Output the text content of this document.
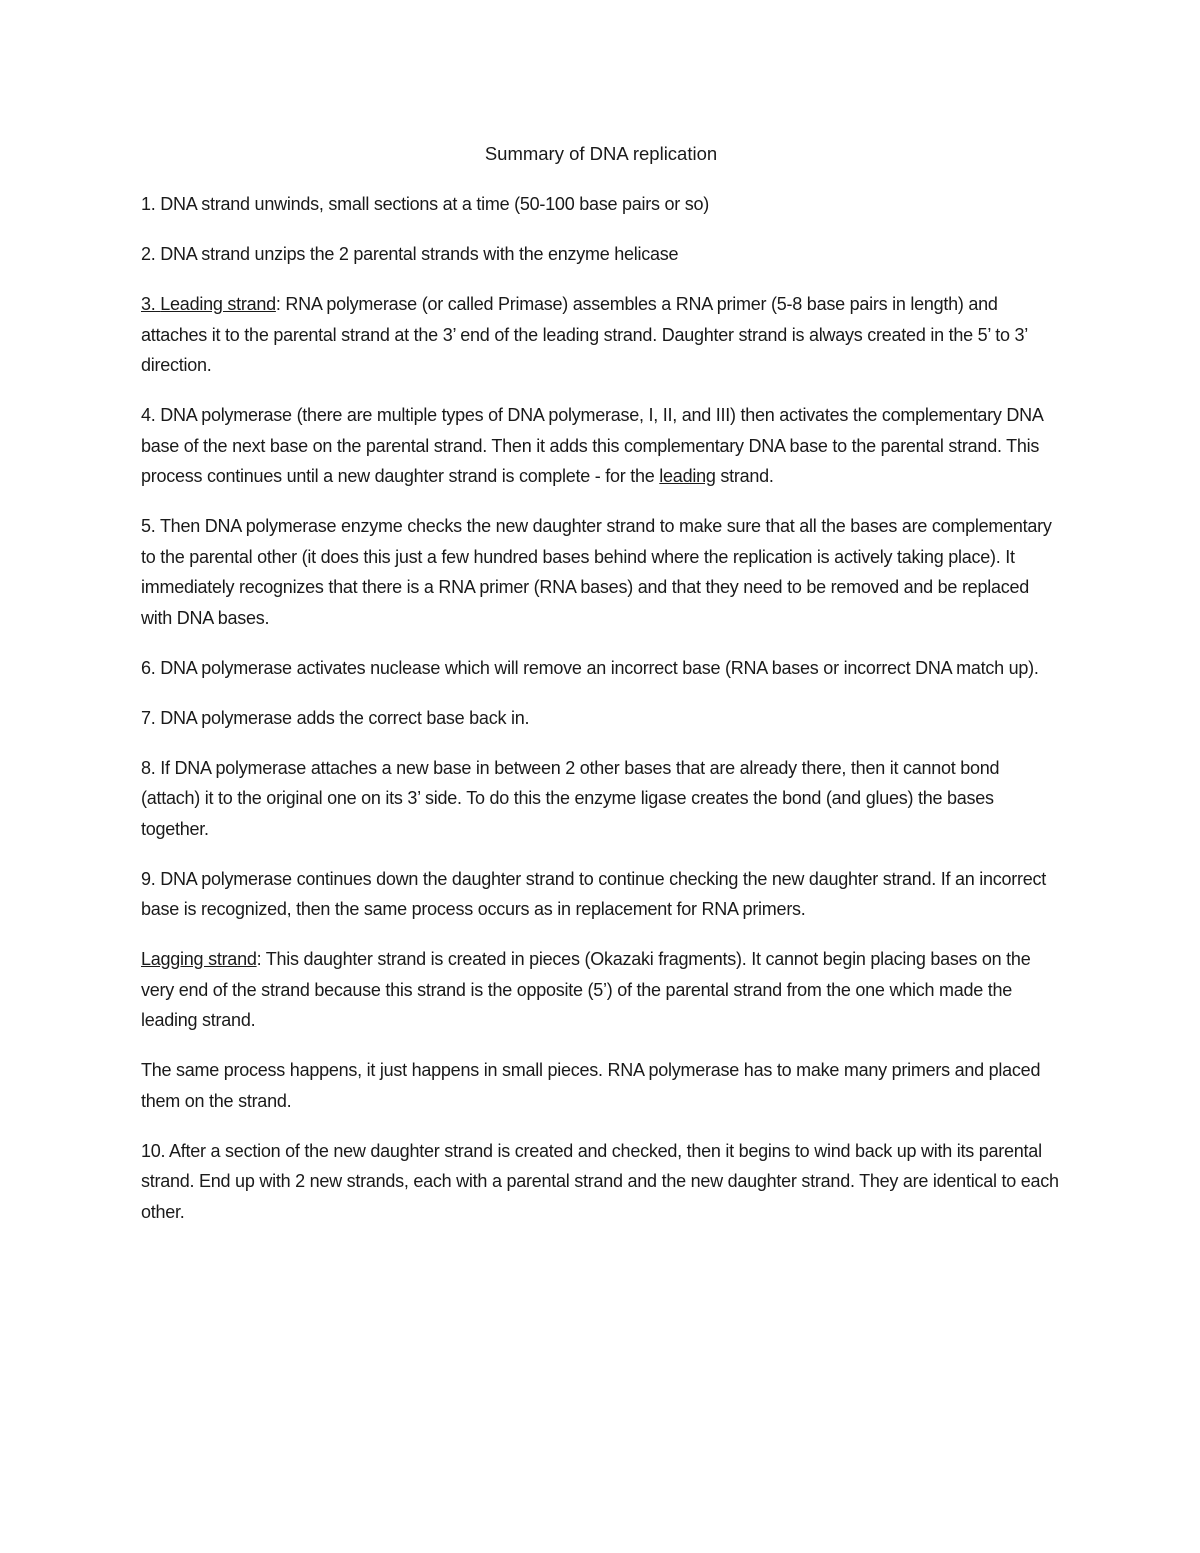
Summary of DNA replication

1. DNA strand unwinds, small sections at a time (50-100 base pairs or so)

2. DNA strand unzips the 2 parental strands with the enzyme helicase

3. Leading strand: RNA polymerase (or called Primase) assembles a RNA primer (5-8 base pairs in length) and attaches it to the parental strand at the 3’ end of the leading strand. Daughter strand is always created in the 5’ to 3’ direction.

4. DNA polymerase (there are multiple types of DNA polymerase, I, II, and III) then activates the complementary DNA base of the next base on the parental strand. Then it adds this complementary DNA base to the parental strand. This process continues until a new daughter strand is complete - for the leading strand.

5. Then DNA polymerase enzyme checks the new daughter strand to make sure that all the bases are complementary to the parental other (it does this just a few hundred bases behind where the replication is actively taking place). It immediately recognizes that there is a RNA primer (RNA bases) and that they need to be removed and be replaced with DNA bases.

6. DNA polymerase activates nuclease which will remove an incorrect base (RNA bases or incorrect DNA match up).

7. DNA polymerase adds the correct base back in.

8. If DNA polymerase attaches a new base in between 2 other bases that are already there, then it cannot bond (attach) it to the original one on its 3’ side. To do this the enzyme ligase creates the bond (and glues) the bases together.

9. DNA polymerase continues down the daughter strand to continue checking the new daughter strand. If an incorrect base is recognized, then the same process occurs as in replacement for RNA primers.

Lagging strand: This daughter strand is created in pieces (Okazaki fragments). It cannot begin placing bases on the very end of the strand because this strand is the opposite (5’) of the parental strand from the one which made the leading strand.

The same process happens, it just happens in small pieces. RNA polymerase has to make many primers and placed them on the strand.

10. After a section of the new daughter strand is created and checked, then it begins to wind back up with its parental strand. End up with 2 new strands, each with a parental strand and the new daughter strand. They are identical to each other.
